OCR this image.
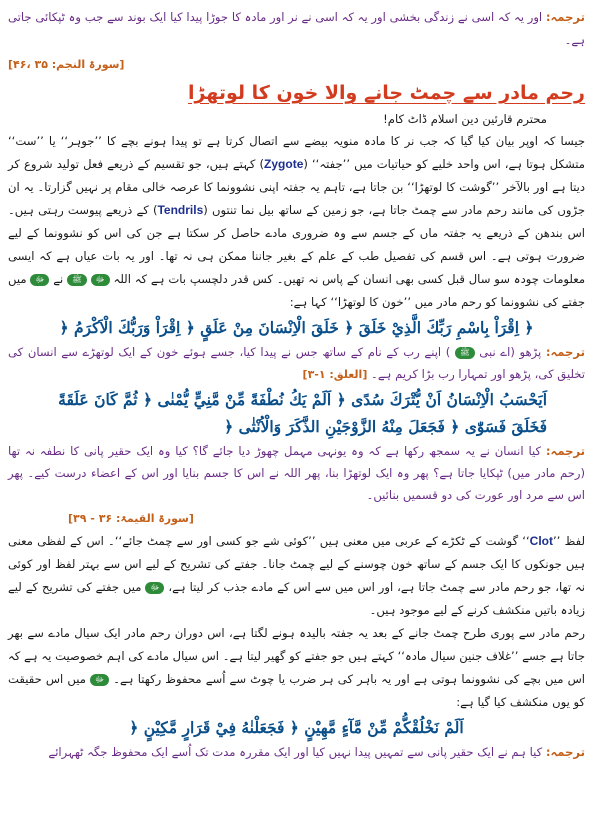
ترجمہ: اور یہ کہ اسی نے زندگی بخشی اور یہ کہ اسی نے نر اور مادہ کا جوڑا پیدا کیا ایک بوند سے جب وہ ٹپکائی جاتی ہے۔

[سورۃ النجم: ۳۵ ،۴۶]

رحم مادر سے چمٹ جانے والا خون کا لوتھڑا

محترم قارئین دین اسلام ڈاٹ کام!

جیسا کہ اوپر بیان کیا گیا کہ جب نر کا مادہ منویہ بیضے سے اتصال کرتا ہے تو پیدا ہونے بچے کا ’’جوہر‘‘ یا ’’ست‘‘ متشکل ہوتا ہے، اس واحد خلیے کو حیاتیات میں ’’جفتہ‘‘ (Zygote) کہتے ہیں، جو تقسیم کے ذریعے فعل تولید شروع کر دیتا ہے اور بالآخر ’’گوشت کا لوتھڑا‘‘ بن جاتا ہے، تاہم یہ جفتہ اپنی نشوونما کا عرصہ خالی مقام پر نہیں گزارتا۔ یہ ان جڑوں کی مانند رحم مادر سے چمٹ جاتا ہے، جو زمین کے ساتھ بیل نما تنتوں (Tendrils) کے ذریعے پیوست رہتی ہیں۔ اس بندھن کے ذریعے یہ جفتہ ماں کے جسم سے وہ ضروری مادے حاصل کر سکتا ہے جن کی اس کو نشوونما کے لیے ضرورت ہوتی ہے۔ اس قسم کی تفصیل طب کے علم کے بغیر جاننا ممکن ہی نہ تھا۔ اور یہ بات عیاں ہے کہ ایسی معلومات چودہ سو سال قبل کسی بھی انسان کے پاس نہ تھیں۔ کس قدر دلچسپ بات ہے کہ اللہ ﷻ ﷺ نے ﷻ میں جفتے کی نشوونما کو رحم مادر میں ’’خون کا لوتھڑا‘‘ کہا ہے:

﴿ اِقْرَاْ بِاسْمِ رَبِّكَ الَّذِيْ خَلَقَ ﴿ خَلَقَ الْاِنْسَانَ مِنْ عَلَقٍ ﴿ اِقْرَاْ وَرَبُّكَ الْاَكْرَمُ ﴿

ترجمہ: پڑھو (اے نبی ﷺ ) اپنے رب کے نام کے ساتھ جس نے پیدا کیا، جسے ہوئے خون کے ایک لوتھڑے سے انسان کی تخلیق کی، پڑھو اور تمہارا رب بڑا کریم ہے۔ [العلق: ۱-۳]

اَيَحْسَبُ الْاِنْسَانُ اَنْ يُّتْرَكَ سُدًى ﴿ اَلَمْ يَكُ نُطْفَةً مِّنْ مَّنِيٍّ يُّمْنٰى ﴿ ثُمَّ كَانَ عَلَقَةً

فَخَلَقَ فَسَوّٰى ﴿ فَجَعَلَ مِنْهُ الزَّوْجَيْنِ الذَّكَرَ وَالْاُنْثٰى ﴿

ترجمہ: کیا انسان نے یہ سمجھ رکھا ہے کہ وہ یونہی مہمل چھوڑ دیا جائے گا؟ کیا وہ ایک حقیر پانی کا نطفہ نہ تھا (رحم مادر میں) ٹپکایا جاتا ہے؟ پھر وہ ایک لوتھڑا بنا، پھر اللہ نے اس کا جسم بنایا اور اس کے اعضاء درست کیے۔ پھر اس سے مرد اور عورت کی دو قسمیں بنائیں۔

[سورۃ القیمۃ: ۳۶ - ۳۹]

لفظ ’’Clot‘‘ گوشت کے ٹکڑے کے عربی میں معنی ہیں ’’کوئی شے جو کسی اور سے چمٹ جائے‘‘۔ اس کے لفظی معنی ہیں جونکوں کا ایک جسم کے ساتھ خون چوسنے کے لیے چمٹ جانا۔ جفتے کی تشریح کے لیے اس سے بہتر لفظ اور کوئی نہ تھا، جو رحم مادر سے چمٹ جاتا ہے، اور اس میں سے اس کے مادے جذب کر لیتا ہے، ﷻ میں جفتے کی تشریح کے لیے زیادہ باتیں منکشف کرنے کے لیے موجود ہیں۔

رحم مادر سے پوری طرح چمٹ جانے کے بعد یہ جفتہ بالیدہ ہونے لگتا ہے، اس دوران رحم مادر ایک سیال مادے سے بھر جاتا ہے جسے ’’غلاف جنین سیال مادہ‘‘ کہتے ہیں جو جفتے کو گھیر لیتا ہے۔ اس سیال مادے کی اہم خصوصیت یہ ہے کہ اس میں بچے کی نشوونما ہوتی ہے اور یہ باہر کی ہر ضرب یا چوٹ سے اُسے محفوظ رکھتا ہے۔ ﷻ میں اس حقیقت کو یوں منکشف کیا گیا ہے:

اَلَمْ نَخْلُقْكُّمْ مِّنْ مَّآءٍ مَّهِيْنٍ ﴿ فَجَعَلْنٰهُ فِيْ قَرَارٍ مَّكِيْنٍ ﴿

ترجمہ: کیا ہم نے ایک حقیر پانی سے تمہیں پیدا نہیں کیا اور ایک مقررہ مدت تک اُسے ایک محفوظ جگہ ٹھہرائے
